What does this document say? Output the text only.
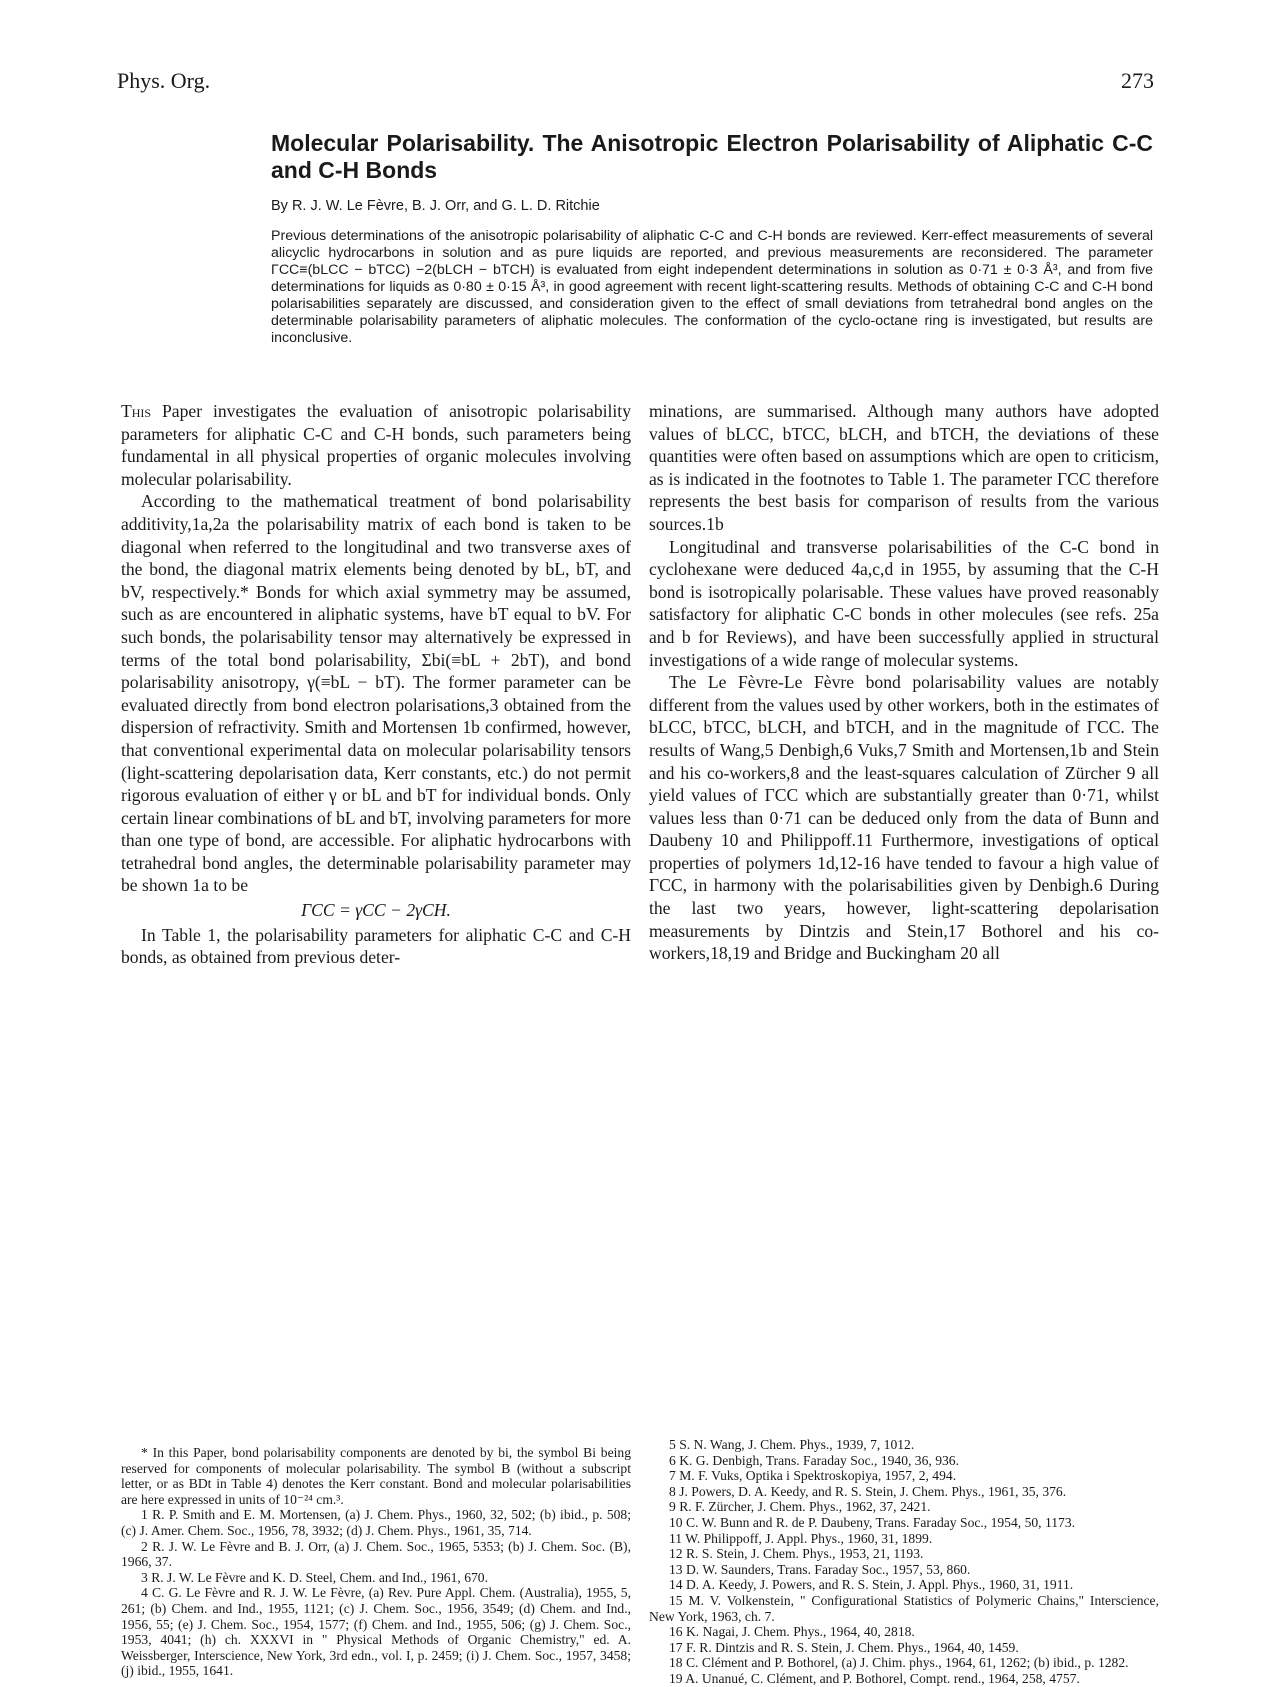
Phys. Org.	273
Molecular Polarisability. The Anisotropic Electron Polarisability of Aliphatic C-C and C-H Bonds
By R. J. W. Le Fèvre, B. J. Orr, and G. L. D. Ritchie
Previous determinations of the anisotropic polarisability of aliphatic C-C and C-H bonds are reviewed. Kerr-effect measurements of several alicyclic hydrocarbons in solution and as pure liquids are reported, and previous measurements are reconsidered. The parameter ΓCC≡(bLCC − bTCC) −2(bLCH − bTCH) is evaluated from eight independent determinations in solution as 0·71 ± 0·3 Å³, and from five determinations for liquids as 0·80 ± 0·15 Å³, in good agreement with recent light-scattering results. Methods of obtaining C-C and C-H bond polarisabilities separately are discussed, and consideration given to the effect of small deviations from tetrahedral bond angles on the determinable polarisability parameters of aliphatic molecules. The conformation of the cyclo-octane ring is investigated, but results are inconclusive.

This Paper investigates the evaluation of anisotropic polarisability parameters for aliphatic C-C and C-H bonds, such parameters being fundamental in all physical properties of organic molecules involving molecular polarisability.

According to the mathematical treatment of bond polarisability additivity,1a,2a the polarisability matrix of each bond is taken to be diagonal when referred to the longitudinal and two transverse axes of the bond, the diagonal matrix elements being denoted by bL, bT, and bV, respectively.* Bonds for which axial symmetry may be assumed, such as are encountered in aliphatic systems, have bT equal to bV. For such bonds, the polarisability tensor may alternatively be expressed in terms of the total bond polarisability, Σbi(≡bL + 2bT), and bond polarisability anisotropy, γ(≡bL − bT). The former parameter can be evaluated directly from bond electron polarisations,3 obtained from the dispersion of refractivity. Smith and Mortensen 1b confirmed, however, that conventional experimental data on molecular polarisability tensors (light-scattering depolarisation data, Kerr constants, etc.) do not permit rigorous evaluation of either γ or bL and bT for individual bonds. Only certain linear combinations of bL and bT, involving parameters for more than one type of bond, are accessible. For aliphatic hydrocarbons with tetrahedral bond angles, the determinable polarisability parameter may be shown 1a to be

ΓCC = γCC − 2γCH.

In Table 1, the polarisability parameters for aliphatic C-C and C-H bonds, as obtained from previous deter-

minations, are summarised. Although many authors have adopted values of bLCC, bTCC, bLCH, and bTCH, the deviations of these quantities were often based on assumptions which are open to criticism, as is indicated in the footnotes to Table 1. The parameter ΓCC therefore represents the best basis for comparison of results from the various sources.1b

Longitudinal and transverse polarisabilities of the C-C bond in cyclohexane were deduced 4a,c,d in 1955, by assuming that the C-H bond is isotropically polarisable. These values have proved reasonably satisfactory for aliphatic C-C bonds in other molecules (see refs. 25a and b for Reviews), and have been successfully applied in structural investigations of a wide range of molecular systems.

The Le Fèvre-Le Fèvre bond polarisability values are notably different from the values used by other workers, both in the estimates of bLCC, bTCC, bLCH, and bTCH, and in the magnitude of ΓCC. The results of Wang,5 Denbigh,6 Vuks,7 Smith and Mortensen,1b and Stein and his co-workers,8 and the least-squares calculation of Zürcher 9 all yield values of ΓCC which are substantially greater than 0·71, whilst values less than 0·71 can be deduced only from the data of Bunn and Daubeny 10 and Philippoff.11 Furthermore, investigations of optical properties of polymers 1d,12-16 have tended to favour a high value of ΓCC, in harmony with the polarisabilities given by Denbigh.6 During the last two years, however, light-scattering depolarisation measurements by Dintzis and Stein,17 Bothorel and his co-workers,18,19 and Bridge and Buckingham 20 all

* In this Paper, bond polarisability components are denoted by bi, the symbol Bi being reserved for components of molecular polarisability. The symbol B (without a subscript letter, or as BDt in Table 4) denotes the Kerr constant. Bond and molecular polarisabilities are here expressed in units of 10⁻²⁴ cm.³.

1 R. P. Smith and E. M. Mortensen, (a) J. Chem. Phys., 1960, 32, 502; (b) ibid., p. 508; (c) J. Amer. Chem. Soc., 1956, 78, 3932; (d) J. Chem. Phys., 1961, 35, 714.

2 R. J. W. Le Fèvre and B. J. Orr, (a) J. Chem. Soc., 1965, 5353; (b) J. Chem. Soc. (B), 1966, 37.

3 R. J. W. Le Fèvre and K. D. Steel, Chem. and Ind., 1961, 670.

4 C. G. Le Fèvre and R. J. W. Le Fèvre, (a) Rev. Pure Appl. Chem. (Australia), 1955, 5, 261; (b) Chem. and Ind., 1955, 1121; (c) J. Chem. Soc., 1956, 3549; (d) Chem. and Ind., 1956, 55; (e) J. Chem. Soc., 1954, 1577; (f) Chem. and Ind., 1955, 506; (g) J. Chem. Soc., 1953, 4041; (h) ch. XXXVI in " Physical Methods of Organic Chemistry," ed. A. Weissberger, Interscience, New York, 3rd edn., vol. I, p. 2459; (i) J. Chem. Soc., 1957, 3458; (j) ibid., 1955, 1641.

5 S. N. Wang, J. Chem. Phys., 1939, 7, 1012.

6 K. G. Denbigh, Trans. Faraday Soc., 1940, 36, 936.

7 M. F. Vuks, Optika i Spektroskopiya, 1957, 2, 494.

8 J. Powers, D. A. Keedy, and R. S. Stein, J. Chem. Phys., 1961, 35, 376.

9 R. F. Zürcher, J. Chem. Phys., 1962, 37, 2421.

10 C. W. Bunn and R. de P. Daubeny, Trans. Faraday Soc., 1954, 50, 1173.

11 W. Philippoff, J. Appl. Phys., 1960, 31, 1899.

12 R. S. Stein, J. Chem. Phys., 1953, 21, 1193.

13 D. W. Saunders, Trans. Faraday Soc., 1957, 53, 860.

14 D. A. Keedy, J. Powers, and R. S. Stein, J. Appl. Phys., 1960, 31, 1911.

15 M. V. Volkenstein, " Configurational Statistics of Polymeric Chains," Interscience, New York, 1963, ch. 7.

16 K. Nagai, J. Chem. Phys., 1964, 40, 2818.

17 F. R. Dintzis and R. S. Stein, J. Chem. Phys., 1964, 40, 1459.

18 C. Clément and P. Bothorel, (a) J. Chim. phys., 1964, 61, 1262; (b) ibid., p. 1282.

19 A. Unanué, C. Clément, and P. Bothorel, Compt. rend., 1964, 258, 4757.
